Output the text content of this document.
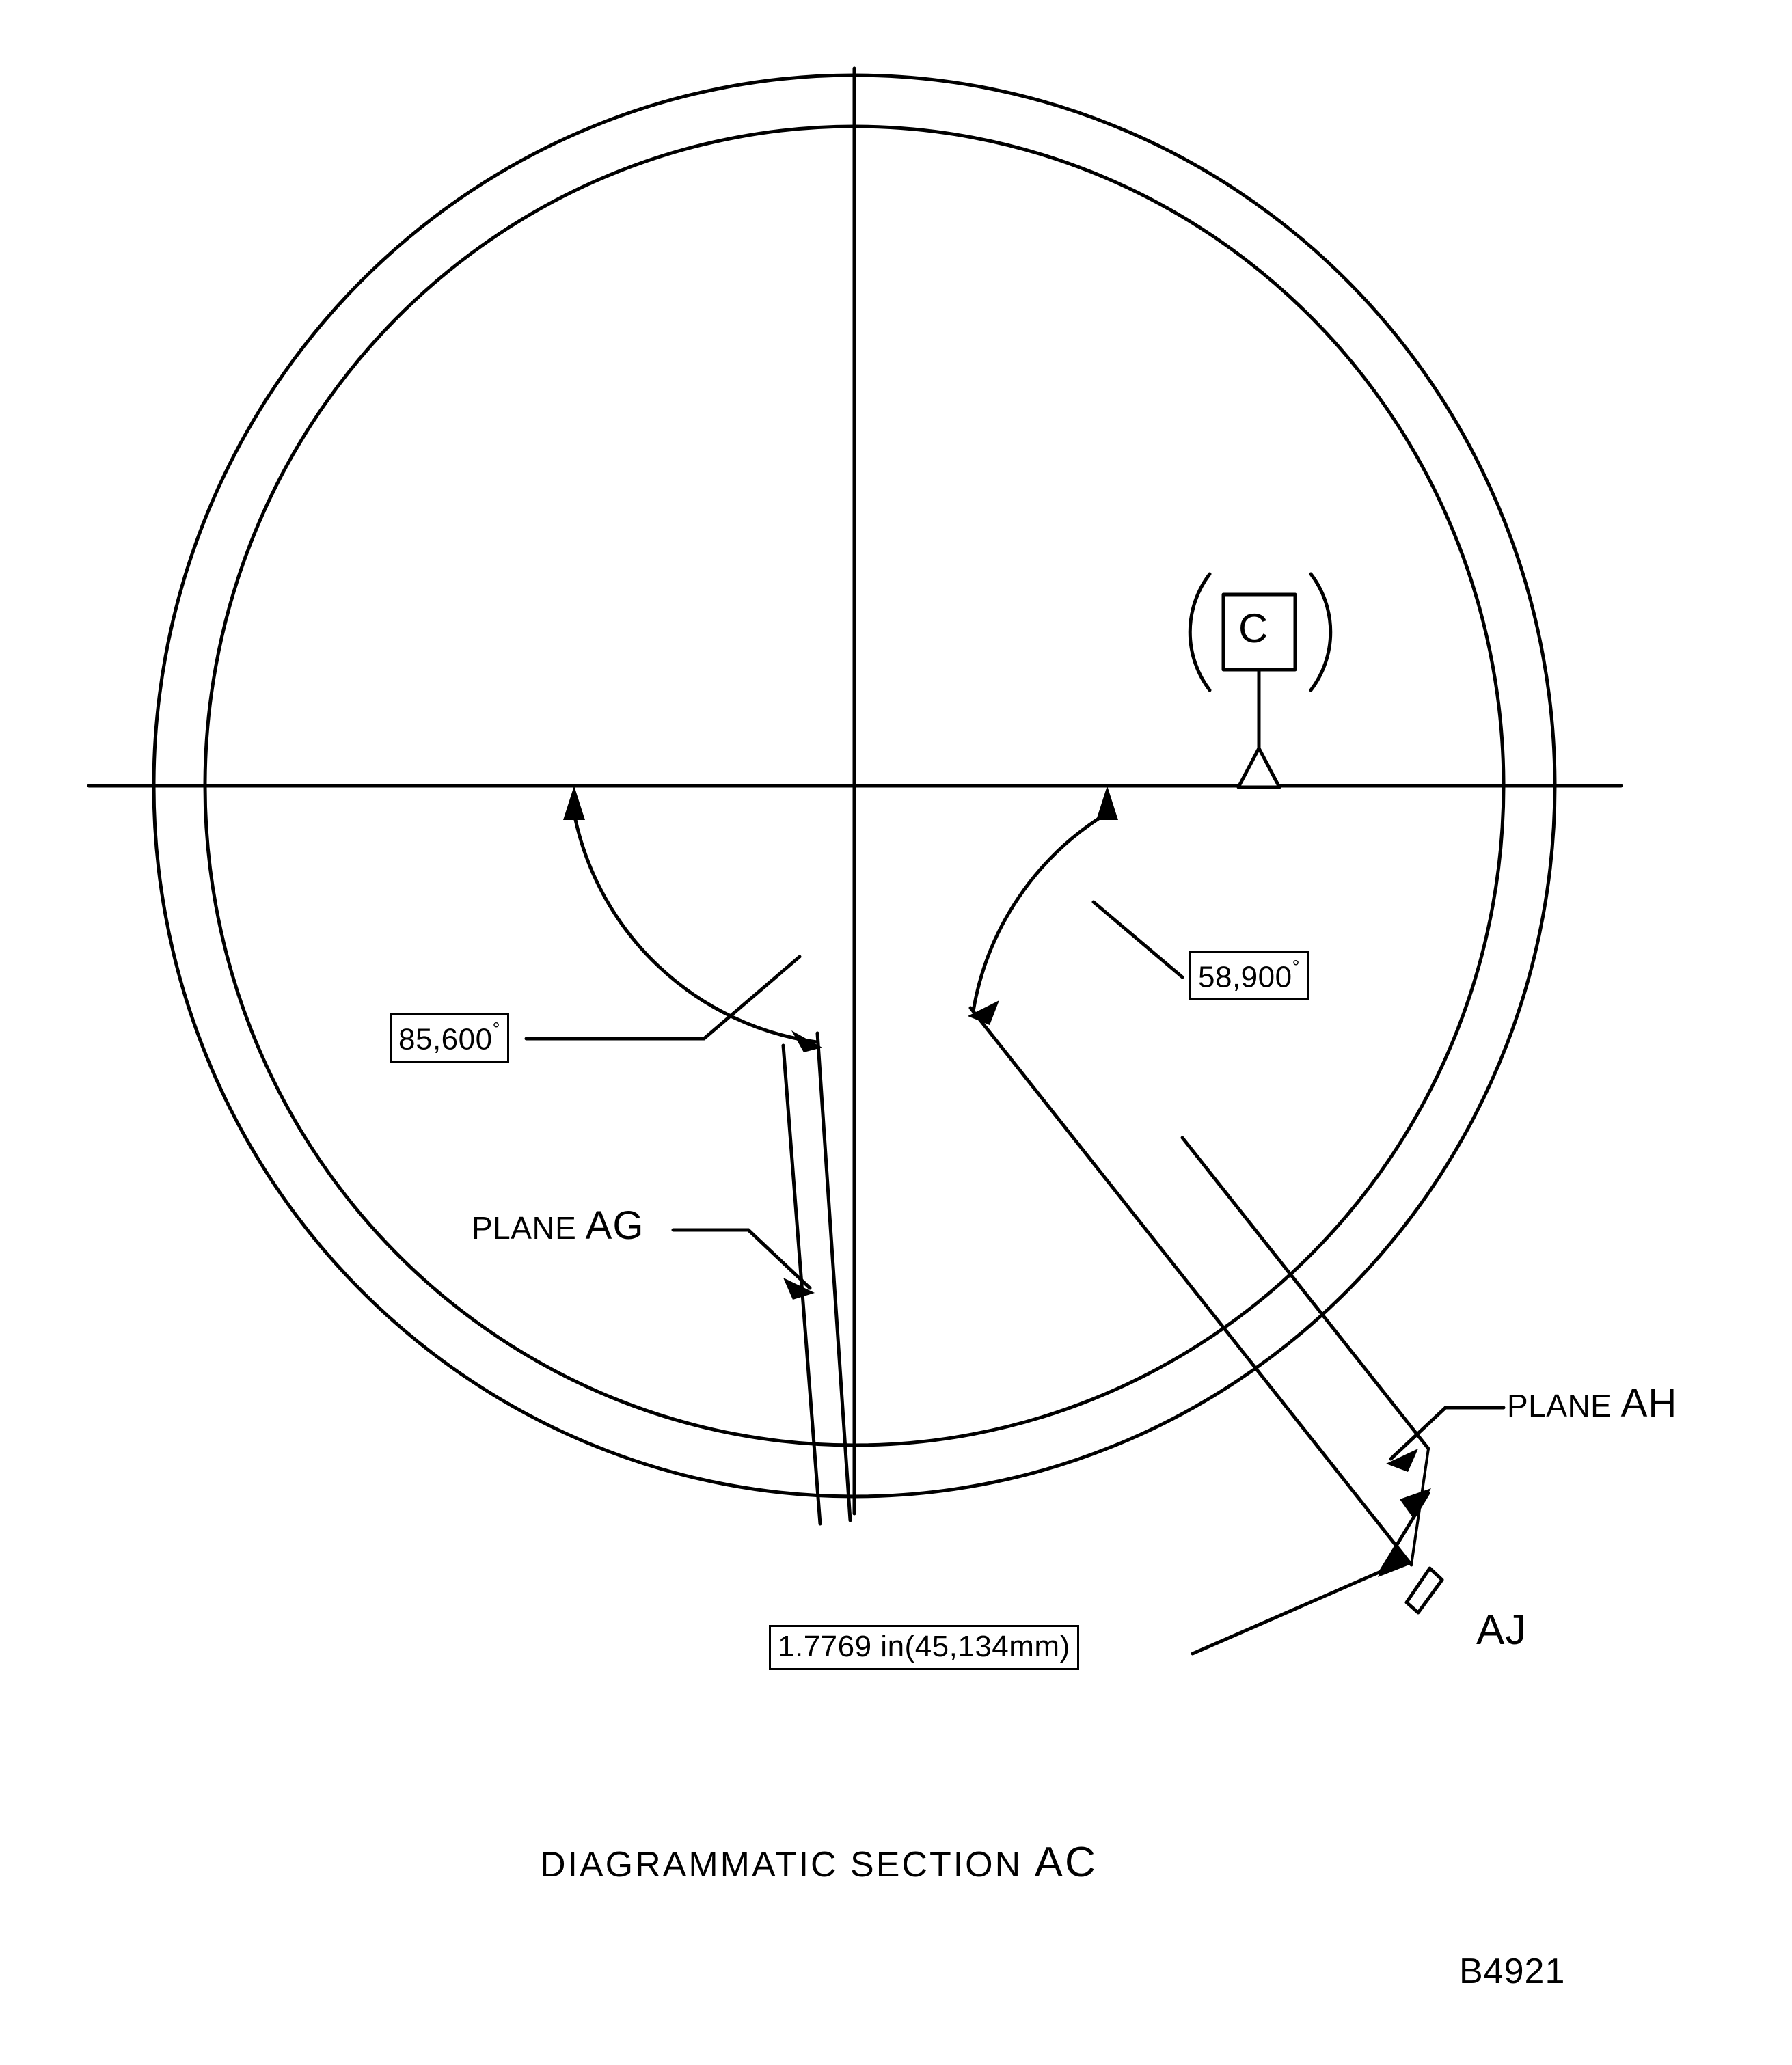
85,600°
58,900°
1.7769 in(45,134mm)
PLANE AG
PLANE AH
AJ
C
DIAGRAMMATIC SECTION AC
B4921
